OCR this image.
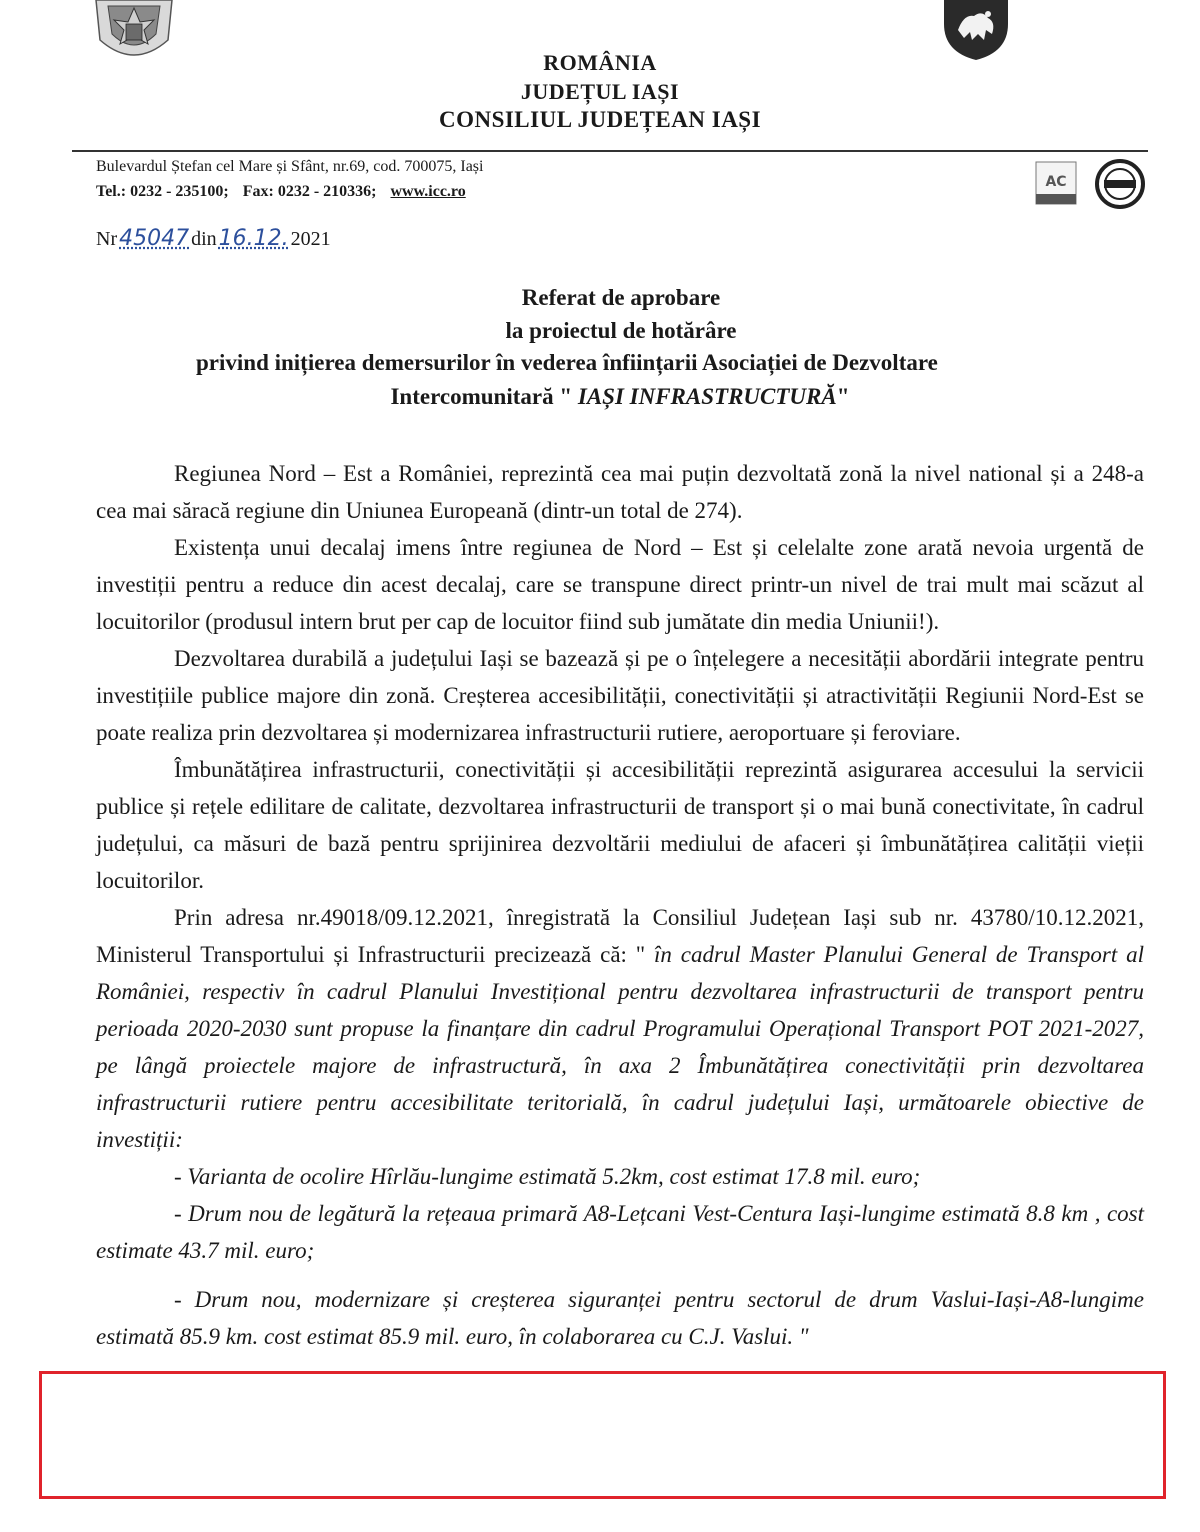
ROMÂNIA
JUDEȚUL IAȘI
CONSILIUL JUDEȚEAN IAȘI
Bulevardul Ștefan cel Mare și Sfânt, nr.69, cod. 700075, Iași
Tel.: 0232 - 235100; Fax: 0232 - 210336; www.icc.ro
AC
Nr45047 din16.12. 2021
Referat de aprobare
la proiectul de hotărâre
privind inițierea demersurilor în vederea înființarii Asociației de Dezvoltare
Intercomunitară " IAȘI INFRASTRUCTURĂ"

Regiunea Nord – Est a României, reprezintă cea mai puțin dezvoltată zonă la nivel national și a 248-a cea mai săracă regiune din Uniunea Europeană (dintr-un total de 274).

Existența unui decalaj imens între regiunea de Nord – Est și celelalte zone arată nevoia urgentă de investiții pentru a reduce din acest decalaj, care se transpune direct printr-un nivel de trai mult mai scăzut al locuitorilor (produsul intern brut per cap de locuitor fiind sub jumătate din media Uniunii!).

Dezvoltarea durabilă a județului Iași se bazează și pe o înțelegere a necesității abordării integrate pentru investițiile publice majore din zonă. Creșterea accesibilității, conectivității și atractivității Regiunii Nord-Est se poate realiza prin dezvoltarea și modernizarea infrastructurii rutiere, aeroportuare și feroviare.

Îmbunătățirea infrastructurii, conectivității și accesibilității reprezintă asigurarea accesului la servicii publice și rețele edilitare de calitate, dezvoltarea infrastructurii de transport și o mai bună conectivitate, în cadrul județului, ca măsuri de bază pentru sprijinirea dezvoltării mediului de afaceri și îmbunătățirea calității vieții locuitorilor.

Prin adresa nr.49018/09.12.2021, înregistrată la Consiliul Județean Iași sub nr. 43780/10.12.2021, Ministerul Transportului și Infrastructurii precizează că: " în cadrul Master Planului General de Transport al României, respectiv în cadrul Planului Investițional pentru dezvoltarea infrastructurii de transport pentru perioada 2020-2030 sunt propuse la finanțare din cadrul Programului Operațional Transport POT 2021-2027, pe lângă proiectele majore de infrastructură, în axa 2 Îmbunătățirea conectivității prin dezvoltarea infrastructurii rutiere pentru accesibilitate teritorială, în cadrul județului Iași, următoarele obiective de investiții:

- Varianta de ocolire Hîrlău-lungime estimată 5.2km, cost estimat 17.8 mil. euro;

- Drum nou de legătură la rețeaua primară A8-Lețcani Vest-Centura Iași-lungime estimată 8.8 km , cost estimate 43.7 mil. euro;

- Drum nou, modernizare și creșterea siguranței pentru sectorul de drum Vaslui-Iași-A8-lungime estimată 85.9 km. cost estimat 85.9 mil. euro, în colaborarea cu C.J. Vaslui. "
